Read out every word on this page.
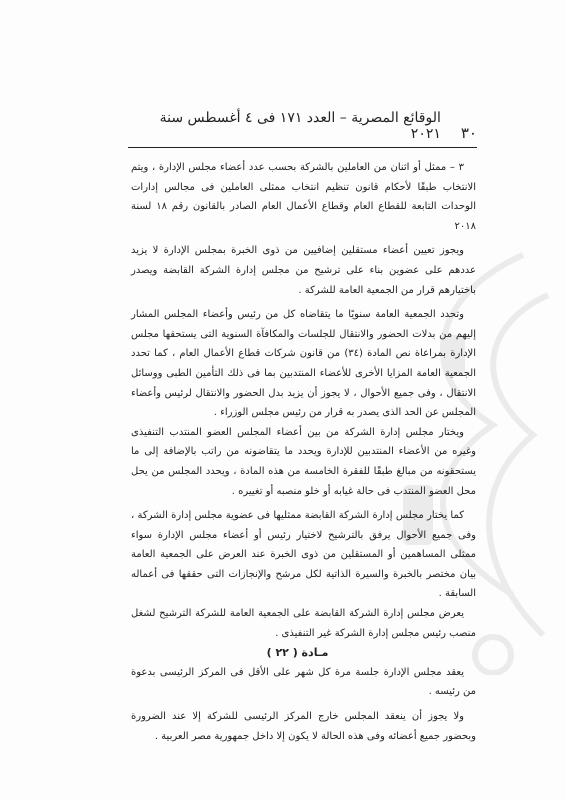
٣٠
الوقائع المصرية – العدد ١٧١ فى ٤ أغسطس سنة ٢٠٢١

٣ – ممثل أو اثنان من العاملين بالشركة بحسب عدد أعضاء مجلس الإدارة ، ويتم الانتخاب طبقًا لأحكام قانون تنظيم انتخاب ممثلى العاملين فى مجالس إدارات الوحدات التابعة للقطاع العام وقطاع الأعمال العام الصادر بالقانون رقم ١٨ لسنة ٢٠١٨

ويجوز تعيين أعضاء مستقلين إضافيين من ذوى الخبرة بمجلس الإدارة لا يزيد عددهم على عضوين بناء على ترشيح من مجلس إدارة الشركة القابضة ويصدر باختيارهم قرار من الجمعية العامة للشركة .

وتحدد الجمعية العامة سنويًا ما يتقاضاه كل من رئيس وأعضاء المجلس المشار إليهم من بدلات الحضور والانتقال للجلسات والمكافآة السنوية التى يستحقها مجلس الإدارة بمراعاة نص المادة (٣٤) من قانون شركات قطاع الأعمال العام ، كما تحدد الجمعية العامة المزايا الأخرى للأعضاء المنتدبين بما فى ذلك التأمين الطبى ووسائل الانتقال ، وفى جميع الأحوال ، لا يجوز أن يزيد بدل الحضور والانتقال لرئيس وأعضاء المجلس عن الحد الذى يصدر به قرار من رئيس مجلس الوزراء .

ويختار مجلس إدارة الشركة من بين أعضاء المجلس العضو المنتدب التنفيذى وغيره من الأعضاء المنتدبين للإدارة ويحدد ما يتقاضونه من راتب بالإضافة إلى ما يستحقونه من مبالغ طبقًا للفقرة الخامسة من هذه المادة ، ويحدد المجلس من يحل محل العضو المنتدب فى حالة غيابه أو خلو منصبه أو تغييره .

كما يختار مجلس إدارة الشركة القابضة ممثليها فى عضوية مجلس إدارة الشركة ، وفى جميع الأحوال يرفق بالترشيح لاختيار رئيس أو أعضاء مجلس الإدارة سواء ممثلى المساهمين أو المستقلين من ذوى الخبرة عند العرض على الجمعية العامة بيان مختصر بالخبرة والسيرة الذاتية لكل مرشح والإنجازات التى حققها فى أعماله السابقة .

يعرض مجلس إدارة الشركة القابضة على الجمعية العامة للشركة الترشيح لشغل منصب رئيس مجلس إدارة الشركة غير التنفيذى .

مـادة ( ٢٢ )

يعقد مجلس الإدارة جلسة مرة كل شهر على الأقل فى المركز الرئيسى بدعوة من رئيسه .

ولا يجوز أن ينعقد المجلس خارج المركز الرئيسى للشركة إلا عند الضرورة وبحضور جميع أعضائه وفى هذه الحالة لا يكون إلا داخل جمهورية مصر العربية .
